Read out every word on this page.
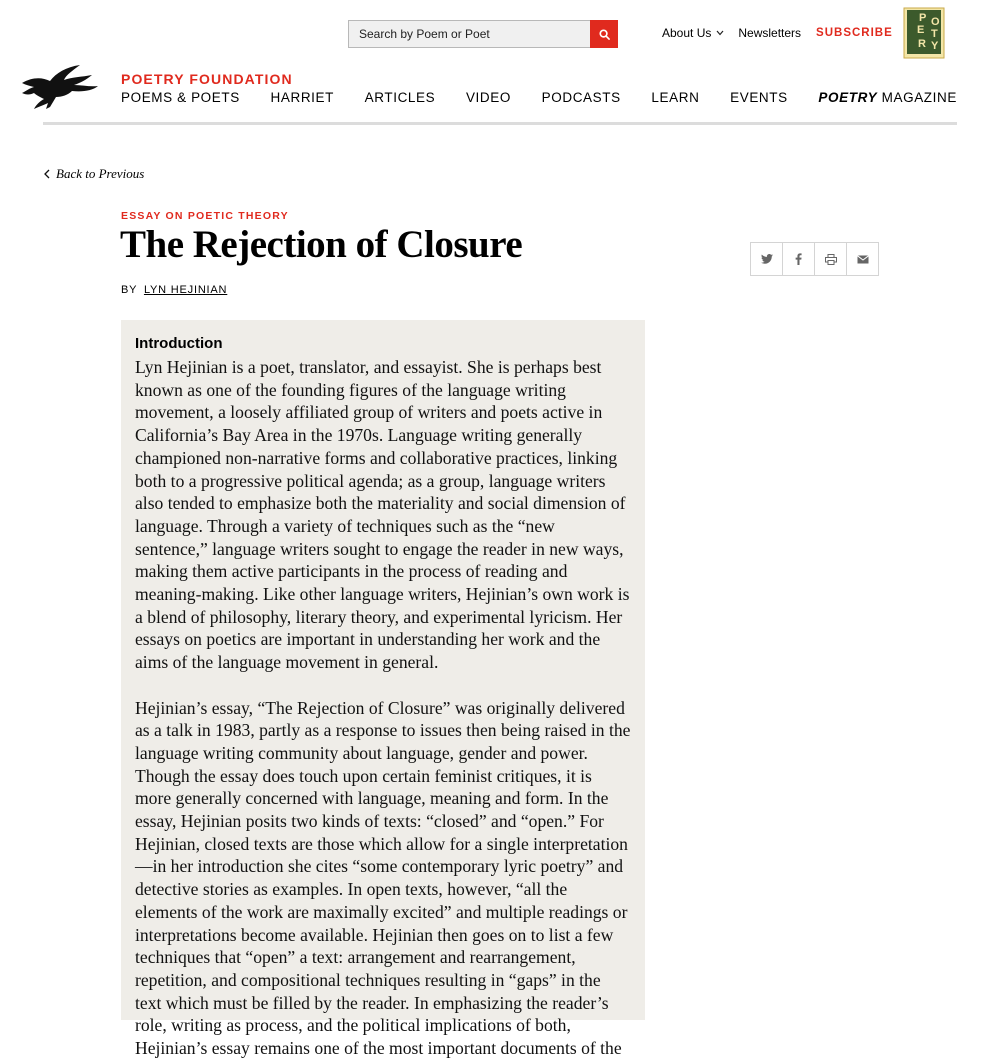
Search by Poem or Poet
About Us Newsletters SUBSCRIBE
P O E T R Y
POETRY FOUNDATION
POEMS & POETS HARRIET ARTICLES VIDEO PODCASTS LEARN EVENTS POETRY MAGAZINE
Back to Previous
ESSAY ON POETIC THEORY
The Rejection of Closure
BY LYN HEJINIAN
Introduction

Lyn Hejinian is a poet, translator, and essayist. She is perhaps best known as one of the founding figures of the language writing movement, a loosely affiliated group of writers and poets active in California’s Bay Area in the 1970s. Language writing generally championed non-narrative forms and collaborative practices, linking both to a progressive political agenda; as a group, language writers also tended to emphasize both the materiality and social dimension of language. Through a variety of techniques such as the “new sentence,” language writers sought to engage the reader in new ways, making them active participants in the process of reading and meaning-making. Like other language writers, Hejinian’s own work is a blend of philosophy, literary theory, and experimental lyricism. Her essays on poetics are important in understanding her work and the aims of the language movement in general.

Hejinian’s essay, “The Rejection of Closure” was originally delivered as a talk in 1983, partly as a response to issues then being raised in the language writing community about language, gender and power. Though the essay does touch upon certain feminist critiques, it is more generally concerned with language, meaning and form. In the essay, Hejinian posits two kinds of texts: “closed” and “open.” For Hejinian, closed texts are those which allow for a single interpretation—in her introduction she cites “some contemporary lyric poetry” and detective stories as examples. In open texts, however, “all the elements of the work are maximally excited” and multiple readings or interpretations become available. Hejinian then goes on to list a few techniques that “open” a text: arrangement and rearrangement, repetition, and compositional techniques resulting in “gaps” in the text which must be filled by the reader. In emphasizing the reader’s role, writing as process, and the political implications of both, Hejinian’s essay remains one of the most important documents of the
